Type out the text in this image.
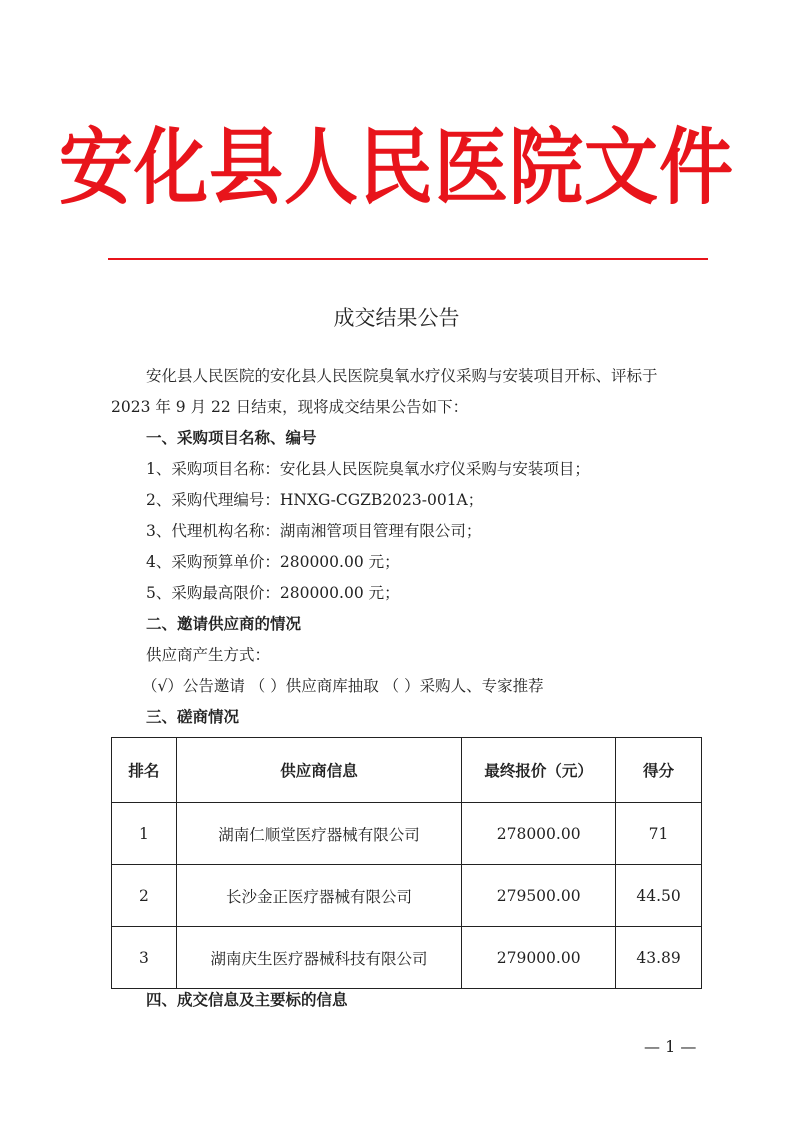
安化县人民医院文件
成交结果公告
安化县人民医院的安化县人民医院臭氧水疗仪采购与安装项目开标、评标于
2023 年 9 月 22 日结束，现将成交结果公告如下：
一、采购项目名称、编号
1、采购项目名称：安化县人民医院臭氧水疗仪采购与安装项目；
2、采购代理编号：HNXG-CGZB2023-001A；
3、代理机构名称：湖南湘管项目管理有限公司；
4、采购预算单价：280000.00 元；
5、采购最高限价：280000.00 元；
二、邀请供应商的情况
供应商产生方式：
（√）公告邀请 （ ）供应商库抽取 （ ）采购人、专家推荐
三、磋商情况
排名	供应商信息	最终报价（元）	得分
1	湖南仁顺堂医疗器械有限公司	278000.00	71
2	长沙金正医疗器械有限公司	279500.00	44.50
3	湖南庆生医疗器械科技有限公司	279000.00	43.89
四、成交信息及主要标的信息
— 1 —
